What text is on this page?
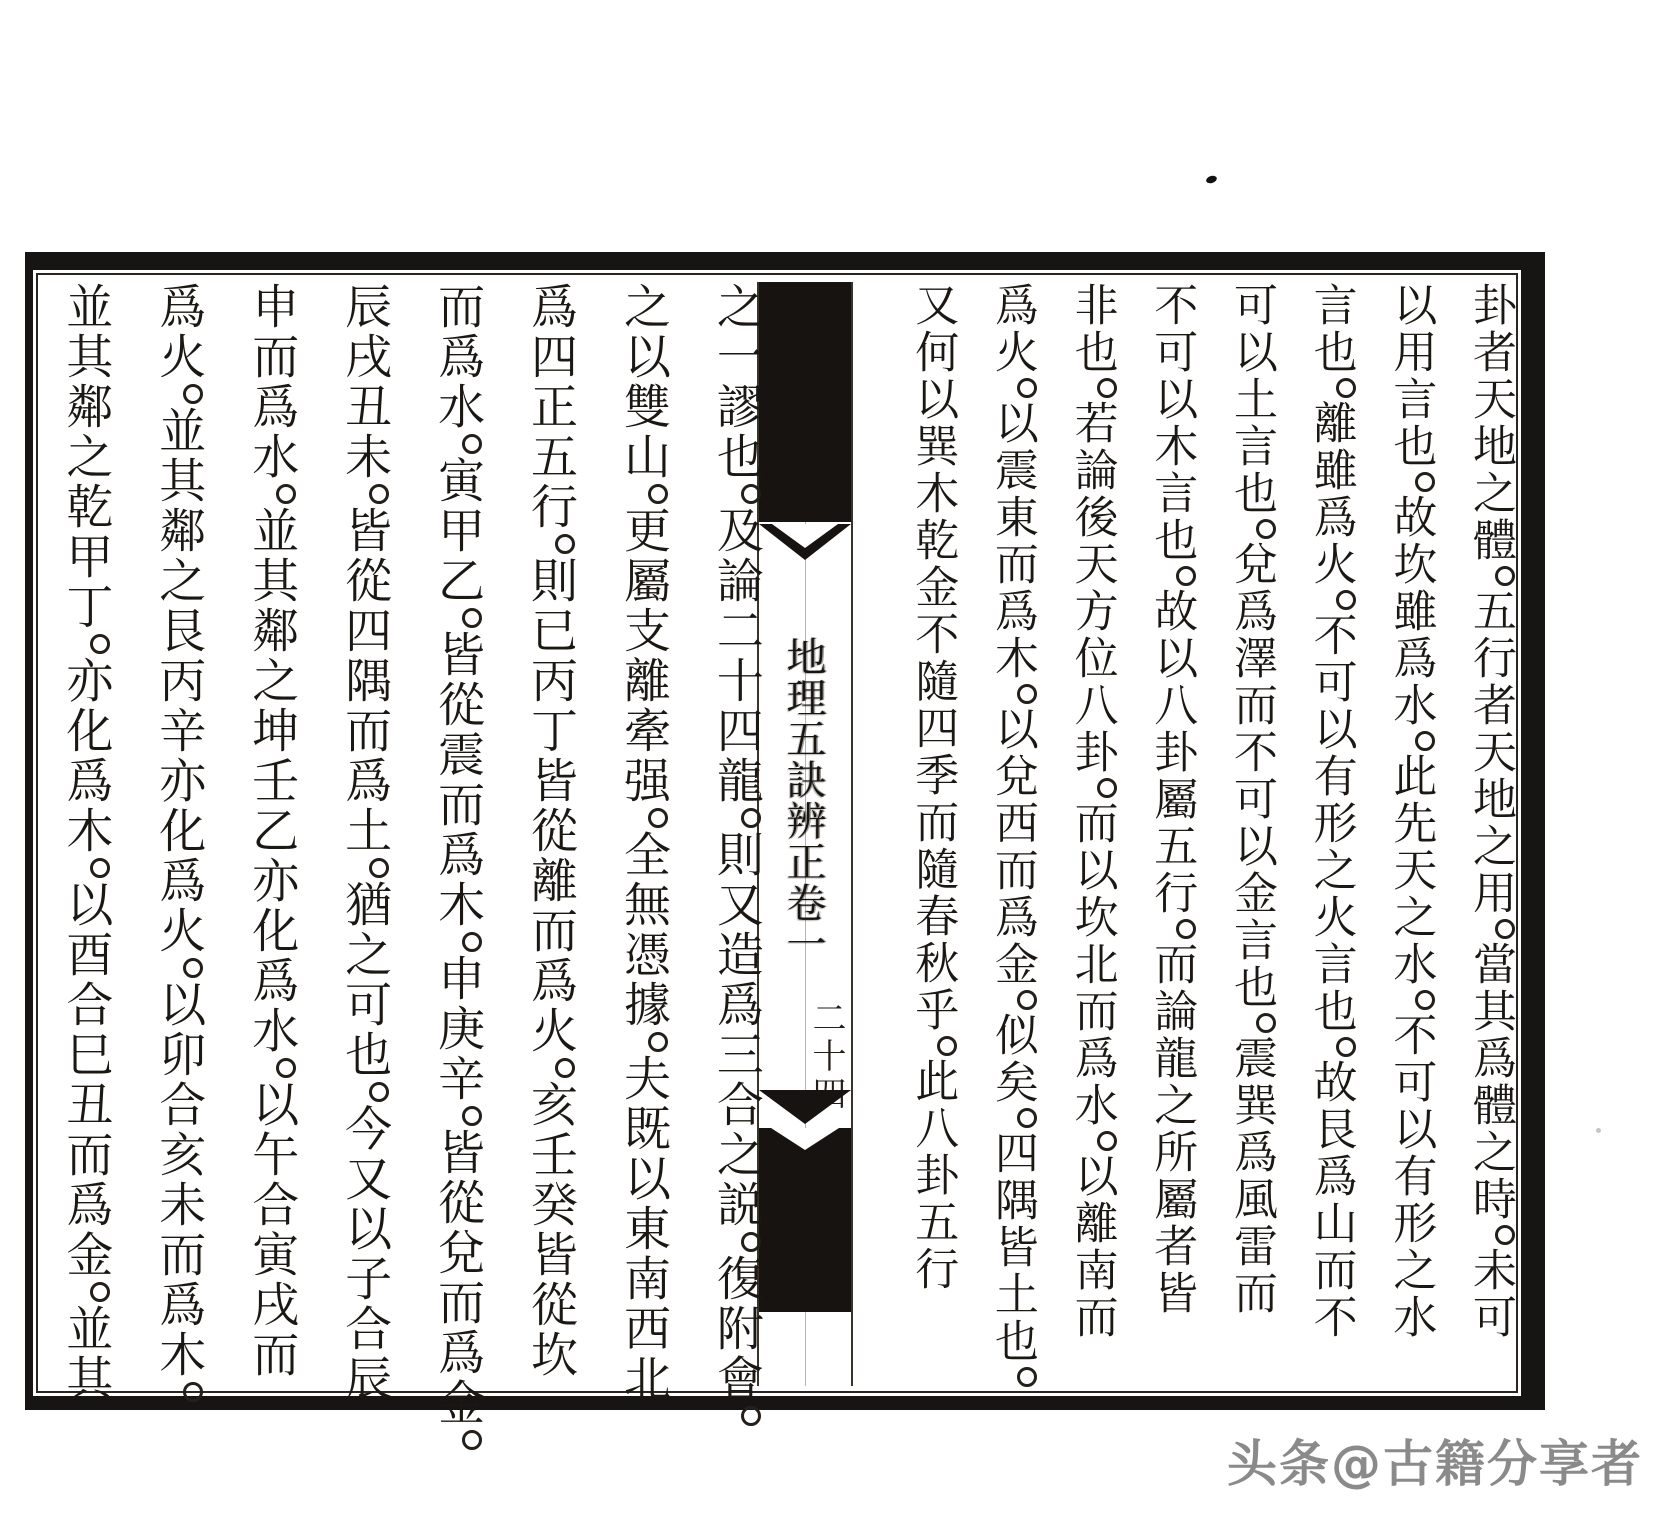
卦者天地之體五行者天地之用當其爲體之時未可
以用言也故坎雖爲水此先天之水不可以有形之水
言也離雖爲火不可以有形之火言也故艮爲山而不
可以土言也兌爲澤而不可以金言也震巽爲風雷而
不可以木言也故以八卦屬五行而論龍之所屬者皆
非也若論後天方位八卦而以坎北而爲水以離南而
爲火以震東而爲木以兌西而爲金似矣四隅皆土也
又何以巽木乾金不隨四季而隨春秋乎此八卦五行
地理五訣辨正卷一
二十四
之一謬也及論二十四龍則又造爲三合之説復附會
之以雙山更屬支離牽强全無憑據夫既以東南西北
爲四正五行則已丙丁皆從離而爲火亥壬癸皆從坎
而爲水寅甲乙皆從震而爲木申庚辛皆從兌而爲金
辰戌丑未皆從四隅而爲土猶之可也今又以子合辰
申而爲水並其鄰之坤壬乙亦化爲水以午合寅戌而
爲火並其鄰之艮丙辛亦化爲火以卯合亥未而爲木
並其鄰之乾甲丁亦化爲木以酉合巳丑而爲金並其
头条@古籍分享者
